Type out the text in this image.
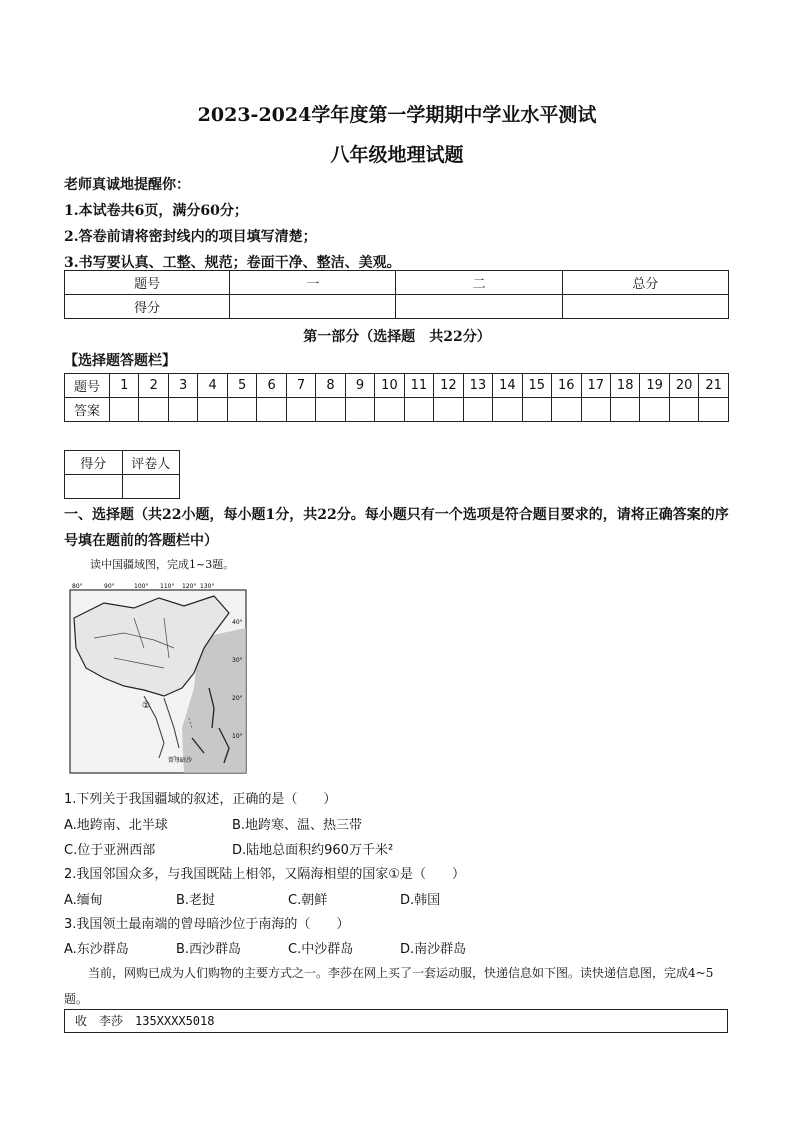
2023-2024学年度第一学期期中学业水平测试
八年级地理试题
老师真诚地提醒你：
1.本试卷共6页，满分60分；
2.答卷前请将密封线内的项目填写清楚；
3.书写要认真、工整、规范；卷面干净、整洁、美观。
题号	一	二	总分
得分			
第一部分（选择题　共22分）
【选择题答题栏】
题号	1	2	3	4	5	6	7	8	9	10	11	12	13	14	15	16	17	18	19	20	21
答案																					
得分	评卷人

一、选择题（共22小题，每小题1分，共22分。每小题只有一个选项是符合题目要求的，请将正确答案的序号填在题前的答题栏中）
读中国疆域图，完成1~3题。
80°	90°	100° 110° 120° 130°
40°
30°
20°
10°
①
曾母暗沙
1.下列关于我国疆域的叙述，正确的是（　　）
A.地跨南、北半球	B.地跨寒、温、热三带
C.位于亚洲西部	D.陆地总面积约960万千米²
2.我国邻国众多，与我国既陆上相邻，又隔海相望的国家①是（　　）
A.缅甸	B.老挝	C.朝鲜	D.韩国
3.我国领土最南端的曾母暗沙位于南海的（　　）
A.东沙群岛	B.西沙群岛	C.中沙群岛	D.南沙群岛
当前，网购已成为人们购物的主要方式之一。李莎在网上买了一套运动服，快递信息如下图。读快递信息图，完成4~5题。
收　李莎　135XXXX5018
